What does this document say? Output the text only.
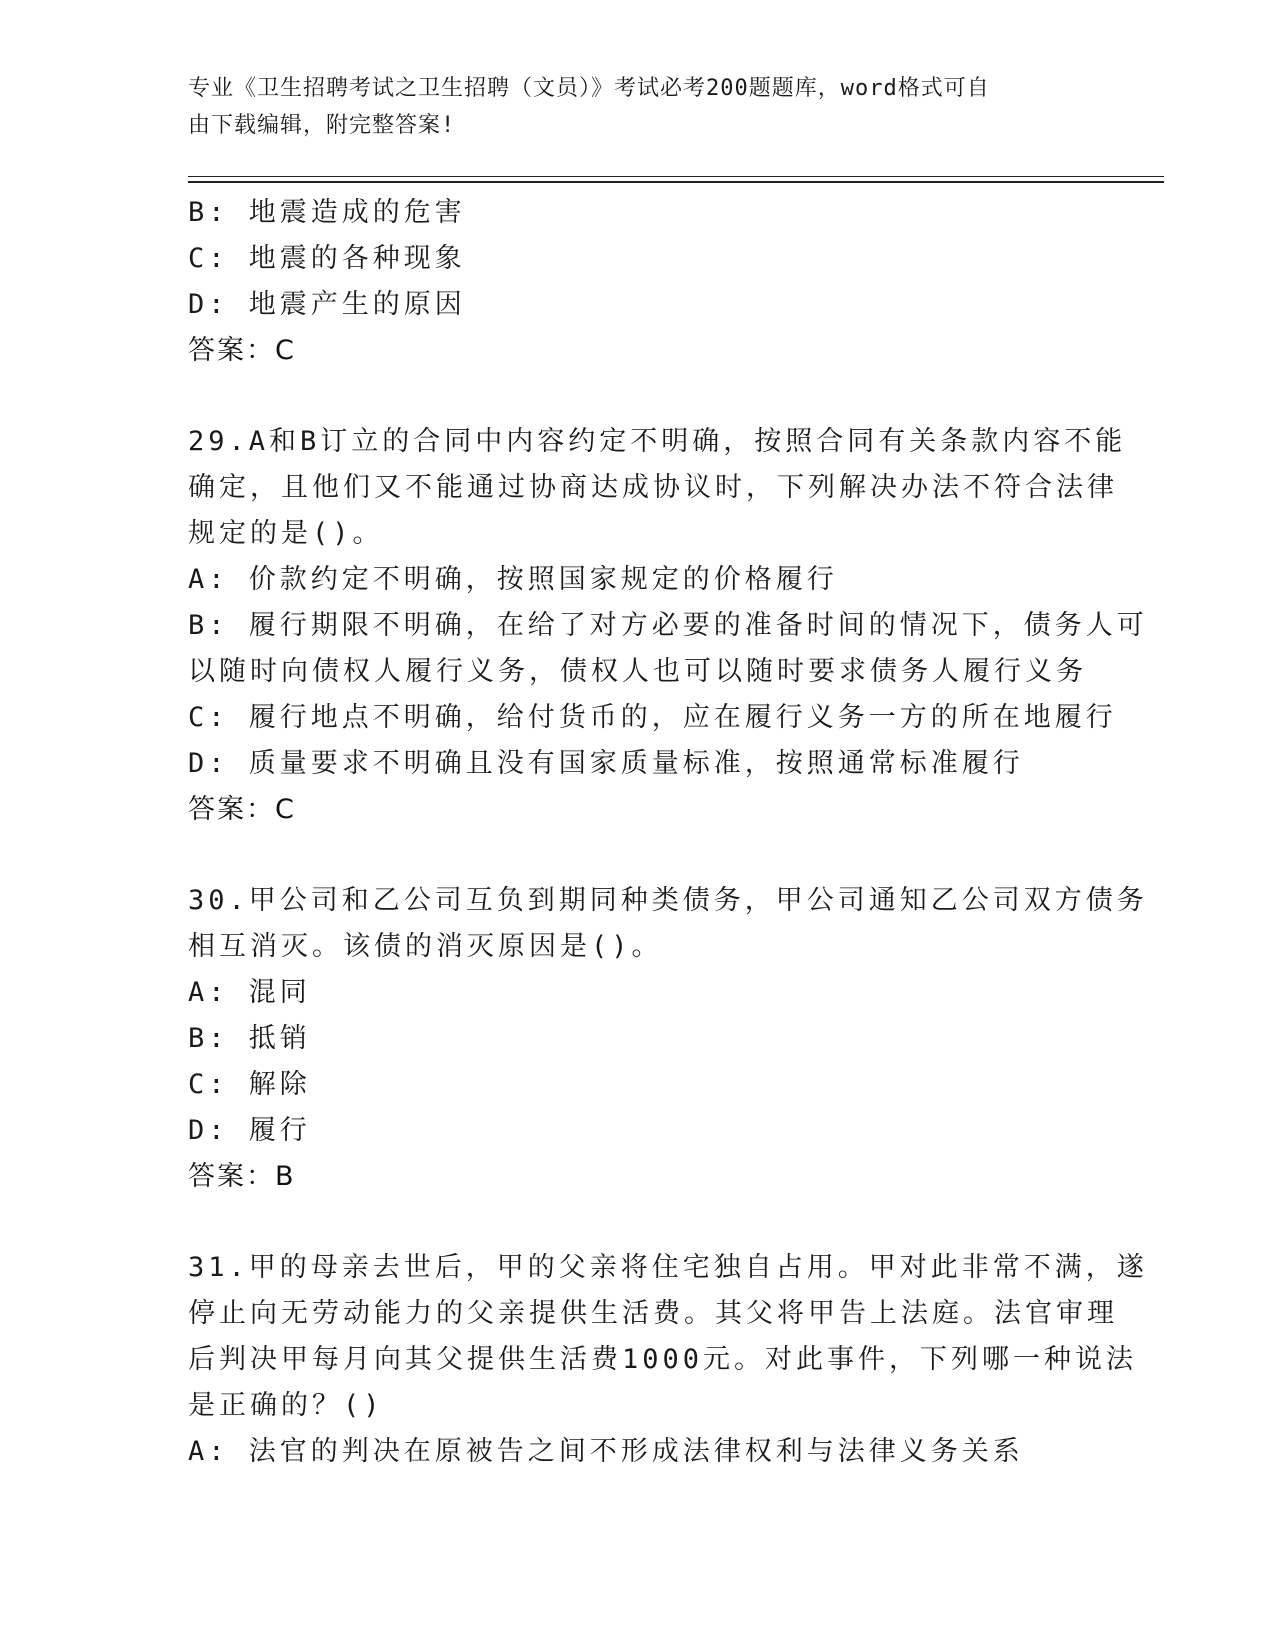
专业《卫生招聘考试之卫生招聘（文员）》考试必考200题题库，word格式可自
由下载编辑，附完整答案!
B: 地震造成的危害
C: 地震的各种现象
D: 地震产生的原因
答案：C
29.A和B订立的合同中内容约定不明确，按照合同有关条款内容不能
确定，且他们又不能通过协商达成协议时，下列解决办法不符合法律
规定的是()。
A: 价款约定不明确，按照国家规定的价格履行
B: 履行期限不明确，在给了对方必要的准备时间的情况下，债务人可
以随时向债权人履行义务，债权人也可以随时要求债务人履行义务
C: 履行地点不明确，给付货币的，应在履行义务一方的所在地履行
D: 质量要求不明确且没有国家质量标准，按照通常标准履行
答案：C
30.甲公司和乙公司互负到期同种类债务，甲公司通知乙公司双方债务
相互消灭。该债的消灭原因是()。
A: 混同
B: 抵销
C: 解除
D: 履行
答案：B
31.甲的母亲去世后，甲的父亲将住宅独自占用。甲对此非常不满，遂
停止向无劳动能力的父亲提供生活费。其父将甲告上法庭。法官审理
后判决甲每月向其父提供生活费1000元。对此事件，下列哪一种说法
是正确的？()
A: 法官的判决在原被告之间不形成法律权利与法律义务关系
